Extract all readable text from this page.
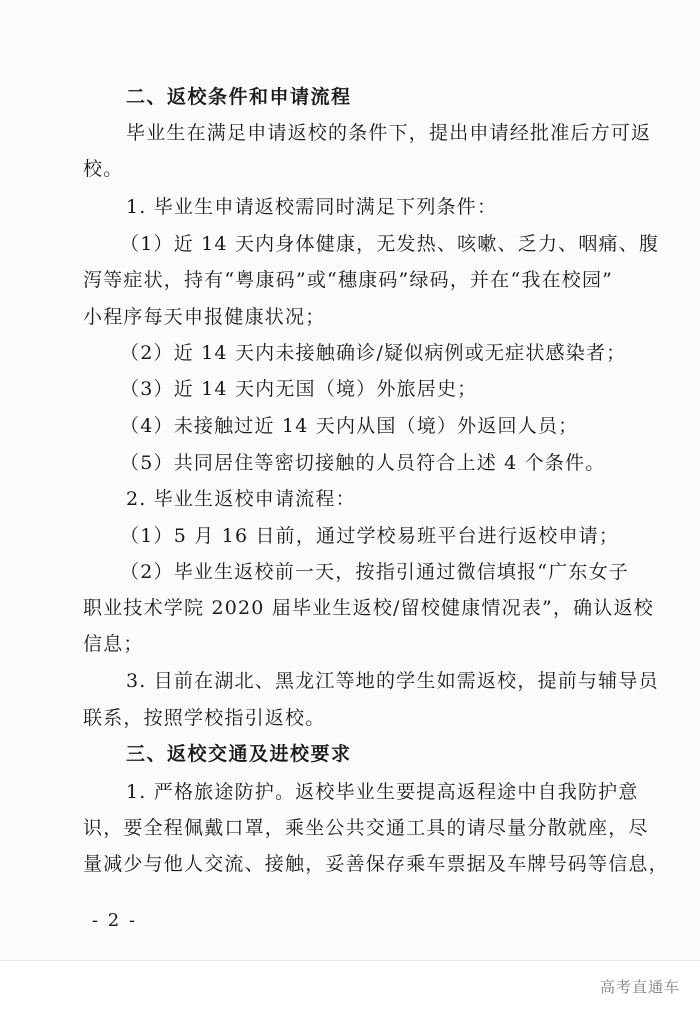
二、返校条件和申请流程
毕业生在满足申请返校的条件下，提出申请经批准后方可返
校。
1. 毕业生申请返校需同时满足下列条件：
（1）近 14 天内身体健康，无发热、咳嗽、乏力、咽痛、腹
泻等症状，持有“粤康码”或“穗康码”绿码，并在“我在校园”
小程序每天申报健康状况；
（2）近 14 天内未接触确诊/疑似病例或无症状感染者；
（3）近 14 天内无国（境）外旅居史；
（4）未接触过近 14 天内从国（境）外返回人员；
（5）共同居住等密切接触的人员符合上述 4 个条件。
2. 毕业生返校申请流程：
（1）5 月 16 日前，通过学校易班平台进行返校申请；
（2）毕业生返校前一天，按指引通过微信填报“广东女子
职业技术学院 2020 届毕业生返校/留校健康情况表”，确认返校
信息；
3. 目前在湖北、黑龙江等地的学生如需返校，提前与辅导员
联系，按照学校指引返校。
三、返校交通及进校要求
1. 严格旅途防护。返校毕业生要提高返程途中自我防护意
识，要全程佩戴口罩，乘坐公共交通工具的请尽量分散就座，尽
量减少与他人交流、接触，妥善保存乘车票据及车牌号码等信息，
- 2 -
高考直通车
